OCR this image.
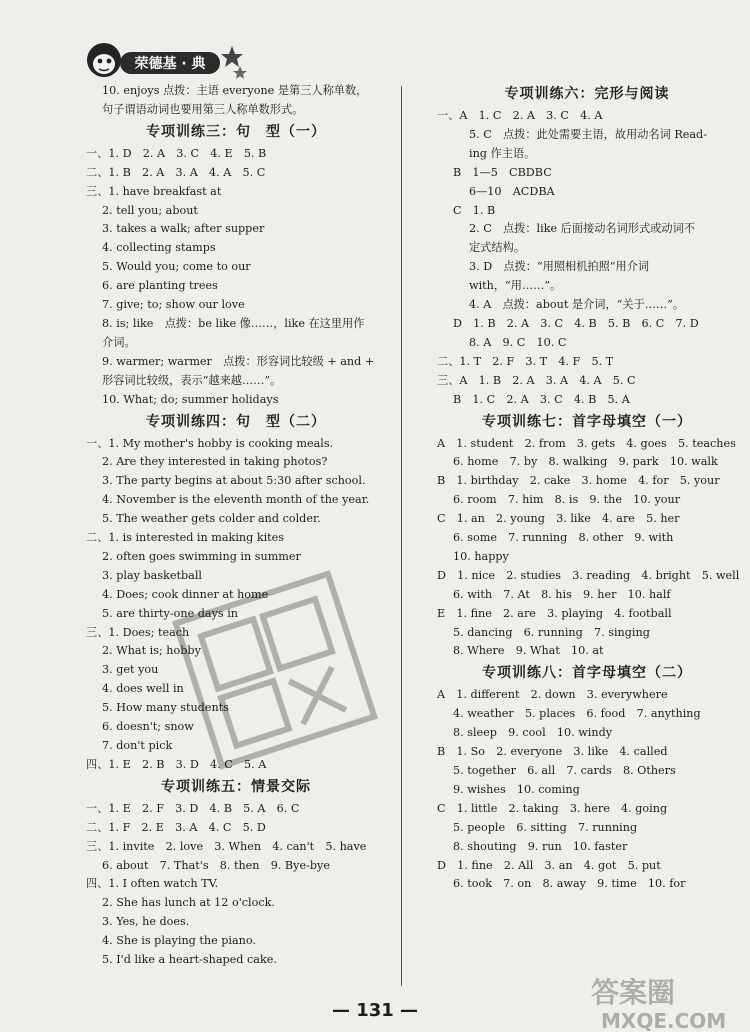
荣德基 · 典
10. enjoys 点拨：主语 everyone 是第三人称单数，
句子谓语动词也要用第三人称单数形式。
专项训练三：句　型（一）
一、1. D　2. A　3. C　4. E　5. B
二、1. B　2. A　3. A　4. A　5. C
三、1. have breakfast at
2. tell you; about
3. takes a walk; after supper
4. collecting stamps
5. Would you; come to our
6. are planting trees
7. give; to; show our love
8. is; like　点拨：be like 像……，like 在这里用作
介词。
9. warmer; warmer　点拨：形容词比较级 + and +
形容词比较级，表示“越来越……”。
10. What; do; summer holidays
专项训练四：句　型（二）
一、1. My mother's hobby is cooking meals.
2. Are they interested in taking photos?
3. The party begins at about 5:30 after school.
4. November is the eleventh month of the year.
5. The weather gets colder and colder.
二、1. is interested in making kites
2. often goes swimming in summer
3. play basketball
4. Does; cook dinner at home
5. are thirty-one days in
三、1. Does; teach
2. What is; hobby
3. get you
4. does well in
5. How many students
6. doesn't; snow
7. don't pick
四、1. E　2. B　3. D　4. C　5. A
专项训练五：情景交际
一、1. E　2. F　3. D　4. B　5. A　6. C
二、1. F　2. E　3. A　4. C　5. D
三、1. invite　2. love　3. When　4. can't　5. have
6. about　7. That's　8. then　9. Bye-bye
四、1. I often watch TV.
2. She has lunch at 12 o'clock.
3. Yes, he does.
4. She is playing the piano.
5. I'd like a heart-shaped cake.
专项训练六：完形与阅读
一、A　1. C　2. A　3. C　4. A
5. C　点拨：此处需要主语，故用动名词 Read-
ing 作主语。
B　1—5　CBDBC
6—10　ACDBA
C　1. B
2. C　点拨：like 后面接动名词形式或动词不
定式结构。
3. D　点拨：“用照相机拍照”用介词
with，“用……”。
4. A　点拨：about 是介词，“关于……”。
D　1. B　2. A　3. C　4. B　5. B　6. C　7. D
8. A　9. C　10. C
二、1. T　2. F　3. T　4. F　5. T
三、A　1. B　2. A　3. A　4. A　5. C
B　1. C　2. A　3. C　4. B　5. A
专项训练七：首字母填空（一）
A　1. student　2. from　3. gets　4. goes　5. teaches
6. home　7. by　8. walking　9. park　10. walk
B　1. birthday　2. cake　3. home　4. for　5. your
6. room　7. him　8. is　9. the　10. your
C　1. an　2. young　3. like　4. are　5. her
6. some　7. running　8. other　9. with
10. happy
D　1. nice　2. studies　3. reading　4. bright　5. well
6. with　7. At　8. his　9. her　10. half
E　1. fine　2. are　3. playing　4. football
5. dancing　6. running　7. singing
8. Where　9. What　10. at
专项训练八：首字母填空（二）
A　1. different　2. down　3. everywhere
4. weather　5. places　6. food　7. anything
8. sleep　9. cool　10. windy
B　1. So　2. everyone　3. like　4. called
5. together　6. all　7. cards　8. Others
9. wishes　10. coming
C　1. little　2. taking　3. here　4. going
5. people　6. sitting　7. running
8. shouting　9. run　10. faster
D　1. fine　2. All　3. an　4. got　5. put
6. took　7. on　8. away　9. time　10. for
答案圈
MXQE.COM
— 131 —
